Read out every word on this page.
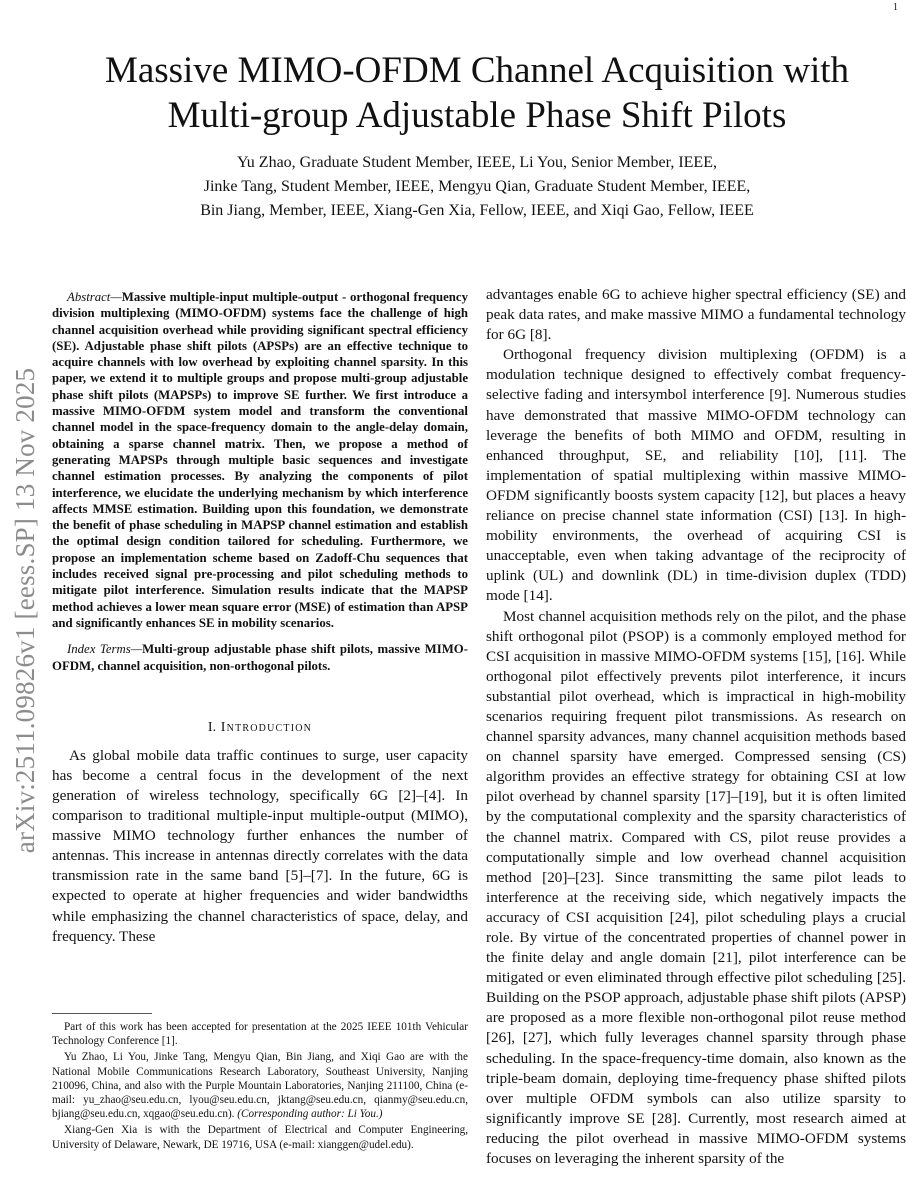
1
arXiv:2511.09826v1 [eess.SP] 13 Nov 2025
Massive MIMO-OFDM Channel Acquisition with
Multi-group Adjustable Phase Shift Pilots
Yu Zhao, Graduate Student Member, IEEE, Li You, Senior Member, IEEE,
Jinke Tang, Student Member, IEEE, Mengyu Qian, Graduate Student Member, IEEE,
Bin Jiang, Member, IEEE, Xiang-Gen Xia, Fellow, IEEE, and Xiqi Gao, Fellow, IEEE

Abstract—Massive multiple-input multiple-output - orthogonal frequency division multiplexing (MIMO-OFDM) systems face the challenge of high channel acquisition overhead while providing significant spectral efficiency (SE). Adjustable phase shift pilots (APSPs) are an effective technique to acquire channels with low overhead by exploiting channel sparsity. In this paper, we extend it to multiple groups and propose multi-group adjustable phase shift pilots (MAPSPs) to improve SE further. We first introduce a massive MIMO-OFDM system model and transform the conventional channel model in the space-frequency domain to the angle-delay domain, obtaining a sparse channel matrix. Then, we propose a method of generating MAPSPs through multiple basic sequences and investigate channel estimation processes. By analyzing the components of pilot interference, we elucidate the underlying mechanism by which interference affects MMSE estimation. Building upon this foundation, we demonstrate the benefit of phase scheduling in MAPSP channel estimation and establish the optimal design condition tailored for scheduling. Furthermore, we propose an implementation scheme based on Zadoff-Chu sequences that includes received signal pre-processing and pilot scheduling methods to mitigate pilot interference. Simulation results indicate that the MAPSP method achieves a lower mean square error (MSE) of estimation than APSP and significantly enhances SE in mobility scenarios.

Index Terms—Multi-group adjustable phase shift pilots, massive MIMO-OFDM, channel acquisition, non-orthogonal pilots.

I. Introduction

As global mobile data traffic continues to surge, user capacity has become a central focus in the development of the next generation of wireless technology, specifically 6G [2]–[4]. In comparison to traditional multiple-input multiple-output (MIMO), massive MIMO technology further enhances the number of antennas. This increase in antennas directly correlates with the data transmission rate in the same band [5]–[7]. In the future, 6G is expected to operate at higher frequencies and wider bandwidths while emphasizing the channel characteristics of space, delay, and frequency. These

Part of this work has been accepted for presentation at the 2025 IEEE 101th Vehicular Technology Conference [1].

Yu Zhao, Li You, Jinke Tang, Mengyu Qian, Bin Jiang, and Xiqi Gao are with the National Mobile Communications Research Laboratory, Southeast University, Nanjing 210096, China, and also with the Purple Mountain Laboratories, Nanjing 211100, China (e-mail: yu_zhao@seu.edu.cn, lyou@seu.edu.cn, jktang@seu.edu.cn, qianmy@seu.edu.cn, bjiang@seu.edu.cn, xqgao@seu.edu.cn). (Corresponding author: Li You.)

Xiang-Gen Xia is with the Department of Electrical and Computer Engineering, University of Delaware, Newark, DE 19716, USA (e-mail: xianggen@udel.edu).

advantages enable 6G to achieve higher spectral efficiency (SE) and peak data rates, and make massive MIMO a fundamental technology for 6G [8].

Orthogonal frequency division multiplexing (OFDM) is a modulation technique designed to effectively combat frequency-selective fading and intersymbol interference [9]. Numerous studies have demonstrated that massive MIMO-OFDM technology can leverage the benefits of both MIMO and OFDM, resulting in enhanced throughput, SE, and reliability [10], [11]. The implementation of spatial multiplexing within massive MIMO-OFDM significantly boosts system capacity [12], but places a heavy reliance on precise channel state information (CSI) [13]. In high-mobility environments, the overhead of acquiring CSI is unacceptable, even when taking advantage of the reciprocity of uplink (UL) and downlink (DL) in time-division duplex (TDD) mode [14].

Most channel acquisition methods rely on the pilot, and the phase shift orthogonal pilot (PSOP) is a commonly employed method for CSI acquisition in massive MIMO-OFDM systems [15], [16]. While orthogonal pilot effectively prevents pilot interference, it incurs substantial pilot overhead, which is impractical in high-mobility scenarios requiring frequent pilot transmissions. As research on channel sparsity advances, many channel acquisition methods based on channel sparsity have emerged. Compressed sensing (CS) algorithm provides an effective strategy for obtaining CSI at low pilot overhead by channel sparsity [17]–[19], but it is often limited by the computational complexity and the sparsity characteristics of the channel matrix. Compared with CS, pilot reuse provides a computationally simple and low overhead channel acquisition method [20]–[23]. Since transmitting the same pilot leads to interference at the receiving side, which negatively impacts the accuracy of CSI acquisition [24], pilot scheduling plays a crucial role. By virtue of the concentrated properties of channel power in the finite delay and angle domain [21], pilot interference can be mitigated or even eliminated through effective pilot scheduling [25]. Building on the PSOP approach, adjustable phase shift pilots (APSP) are proposed as a more flexible non-orthogonal pilot reuse method [26], [27], which fully leverages channel sparsity through phase scheduling. In the space-frequency-time domain, also known as the triple-beam domain, deploying time-frequency phase shifted pilots over multiple OFDM symbols can also utilize sparsity to significantly improve SE [28]. Currently, most research aimed at reducing the pilot overhead in massive MIMO-OFDM systems focuses on leveraging the inherent sparsity of the
